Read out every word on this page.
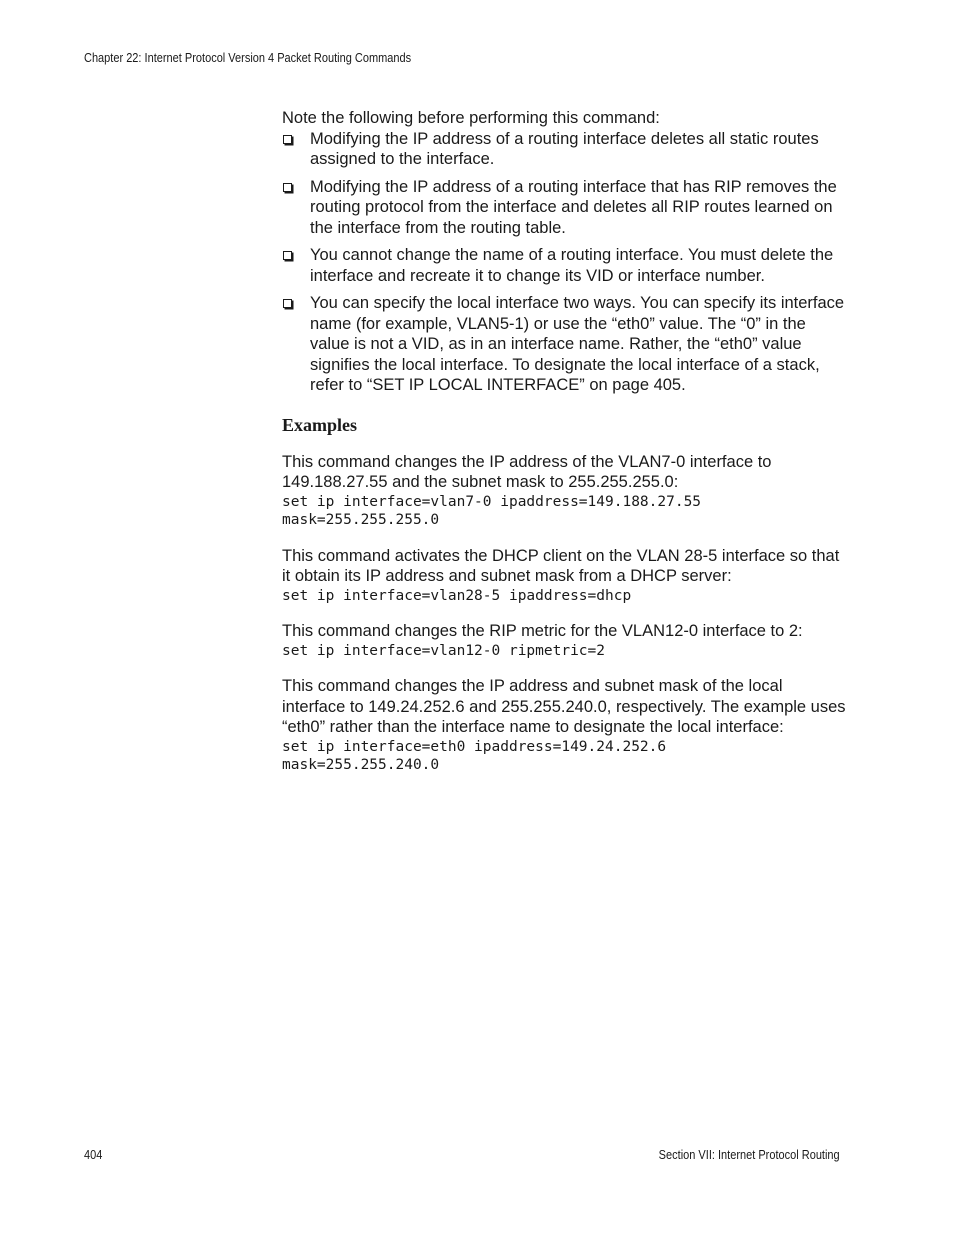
Chapter 22: Internet Protocol Version 4 Packet Routing Commands

Note the following before performing this command:

Modifying the IP address of a routing interface deletes all static routes assigned to the interface.
Modifying the IP address of a routing interface that has RIP removes the routing protocol from the interface and deletes all RIP routes learned on the interface from the routing table.
You cannot change the name of a routing interface. You must delete the interface and recreate it to change its VID or interface number.
You can specify the local interface two ways. You can specify its interface name (for example, VLAN5-1) or use the “eth0” value. The “0” in the value is not a VID, as in an interface name. Rather, the “eth0” value signifies the local interface. To designate the local interface of a stack, refer to “SET IP LOCAL INTERFACE” on page 405.
Examples

This command changes the IP address of the VLAN7-0 interface to 149.188.27.55 and the subnet mask to 255.255.255.0:

set ip interface=vlan7-0 ipaddress=149.188.27.55
mask=255.255.255.0

This command activates the DHCP client on the VLAN 28-5 interface so that it obtain its IP address and subnet mask from a DHCP server:

set ip interface=vlan28-5 ipaddress=dhcp

This command changes the RIP metric for the VLAN12-0 interface to 2:

set ip interface=vlan12-0 ripmetric=2

This command changes the IP address and subnet mask of the local interface to 149.24.252.6 and 255.255.240.0, respectively. The example uses “eth0” rather than the interface name to designate the local interface:

set ip interface=eth0 ipaddress=149.24.252.6
mask=255.255.240.0
404	Section VII: Internet Protocol Routing
